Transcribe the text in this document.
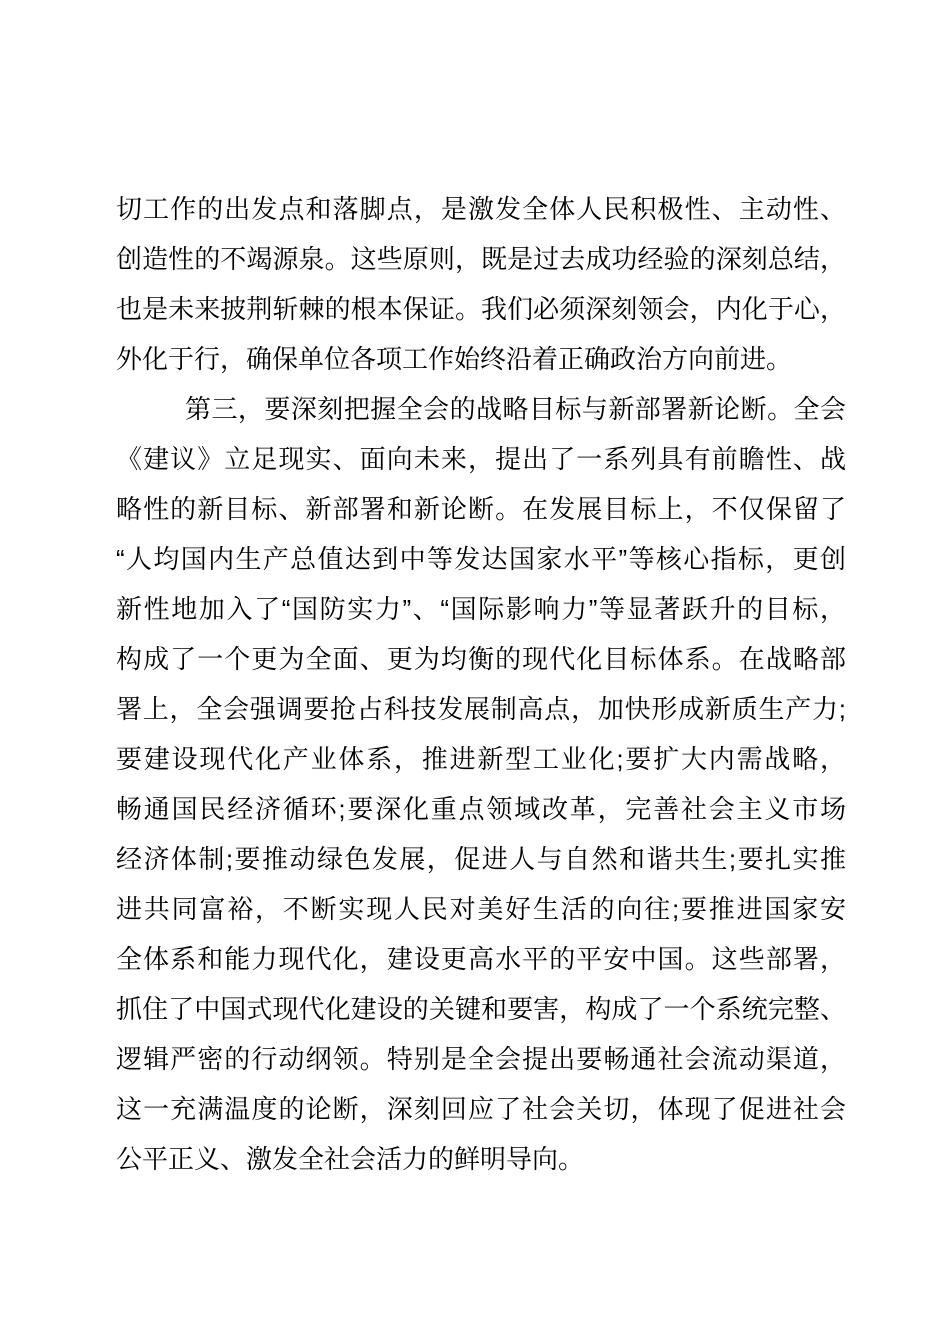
切工作的出发点和落脚点，是激发全体人民积极性、主动性、
创造性的不竭源泉。这些原则，既是过去成功经验的深刻总结，
也是未来披荆斩棘的根本保证。我们必须深刻领会，内化于心，
外化于行，确保单位各项工作始终沿着正确政治方向前进。
第三，要深刻把握全会的战略目标与新部署新论断。全会
《建议》立足现实、面向未来，提出了一系列具有前瞻性、战
略性的新目标、新部署和新论断。在发展目标上，不仅保留了
“人均国内生产总值达到中等发达国家水平”等核心指标，更创
新性地加入了“国防实力”、“国际影响力”等显著跃升的目标，
构成了一个更为全面、更为均衡的现代化目标体系。在战略部
署上，全会强调要抢占科技发展制高点，加快形成新质生产力;
要建设现代化产业体系，推进新型工业化;要扩大内需战略，
畅通国民经济循环;要深化重点领域改革，完善社会主义市场
经济体制;要推动绿色发展，促进人与自然和谐共生;要扎实推
进共同富裕，不断实现人民对美好生活的向往;要推进国家安
全体系和能力现代化，建设更高水平的平安中国。这些部署，
抓住了中国式现代化建设的关键和要害，构成了一个系统完整、
逻辑严密的行动纲领。特别是全会提出要畅通社会流动渠道，
这一充满温度的论断，深刻回应了社会关切，体现了促进社会
公平正义、激发全社会活力的鲜明导向。
